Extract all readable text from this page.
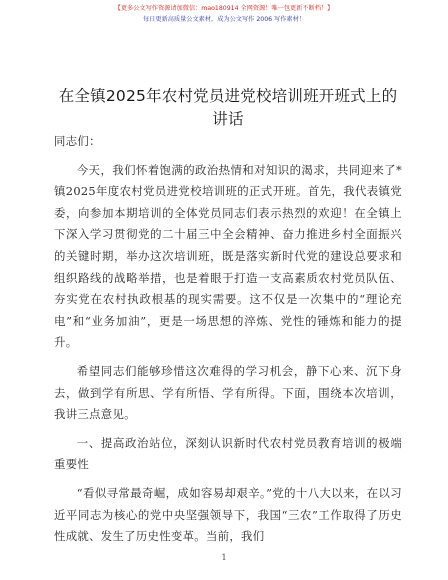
【更多公文写作资源请加微信：mao180914 全网资源！唯一包更新不断档！】
每日更新高质量公文素材，成为公文写作 2006 写作素材！
在全镇2025年农村党员进党校培训班开班式上的讲话

同志们：

今天，我们怀着饱满的政治热情和对知识的渴求，共同迎来了*镇2025年度农村党员进党校培训班的正式开班。首先，我代表镇党委，向参加本期培训的全体党员同志们表示热烈的欢迎！在全镇上下深入学习贯彻党的二十届三中全会精神、奋力推进乡村全面振兴的关键时期，举办这次培训班，既是落实新时代党的建设总要求和组织路线的战略举措，也是着眼于打造一支高素质农村党员队伍、夯实党在农村执政根基的现实需要。这不仅是一次集中的“理论充电”和“业务加油”，更是一场思想的淬炼、党性的锤炼和能力的提升。

希望同志们能够珍惜这次难得的学习机会，静下心来、沉下身去，做到学有所思、学有所悟、学有所得。下面，围绕本次培训，我讲三点意见。

一、提高政治站位，深刻认识新时代农村党员教育培训的极端重要性

“看似寻常最奇崛，成如容易却艰辛。”党的十八大以来，在以习近平同志为核心的党中央坚强领导下，我国“三农”工作取得了历史性成就、发生了历史性变革。当前，我们

1
